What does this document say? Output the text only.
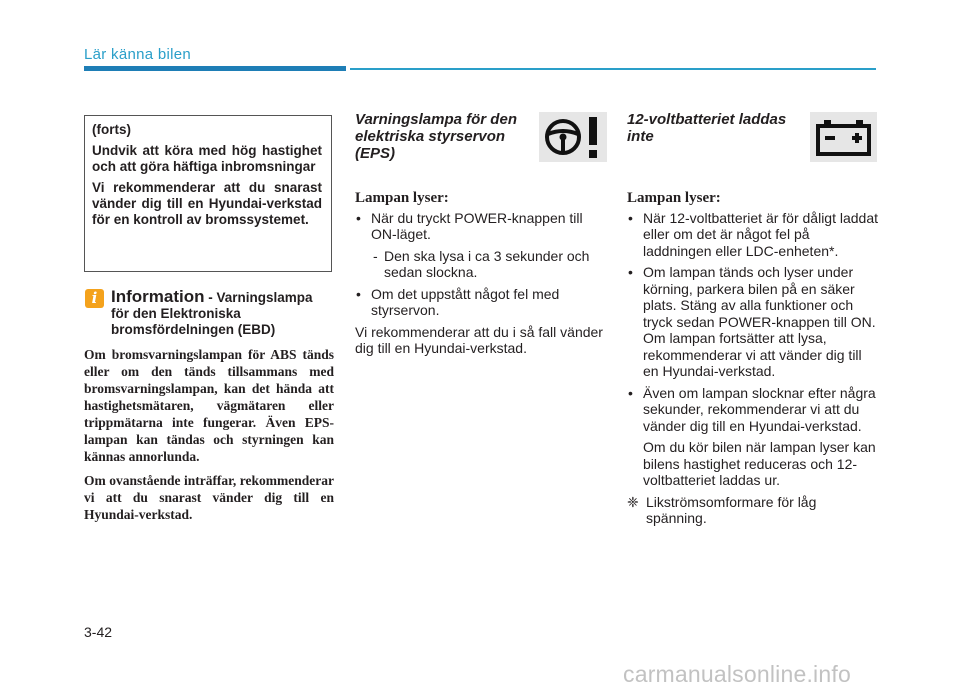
Lär känna bilen

(forts)

Undvik att köra med hög hastighet och att göra häftiga inbromsningar

Vi rekommenderar att du snarast vänder dig till en Hyundai-verkstad för en kontroll av bromssystemet.

i Information - Varningslampa för den Elektroniska bromsfördelningen (EBD)

Om bromsvarningslampan för ABS tänds eller om den tänds tillsammans med bromsvarningslampan, kan det hända att hastighetsmätaren, vägmätaren eller trippmätarna inte fungerar. Även EPS-lampan kan tändas och styrningen kan kännas annorlunda.

Om ovanstående inträffar, rekommenderar vi att du snarast vänder dig till en Hyundai-verkstad.

Varningslampa för den elektriska styrservon (EPS)
Lampan lyser:
• När du tryckt POWER-knappen till ON-läget.
- Den ska lysa i ca 3 sekunder och sedan slockna.
• Om det uppstått något fel med styrservon.
Vi rekommenderar att du i så fall vänder dig till en Hyundai-verkstad.
12-voltbatteriet laddas inte
Lampan lyser:
• När 12-voltbatteriet är för dåligt laddat eller om det är något fel på laddningen eller LDC-enheten*.
• Om lampan tänds och lyser under körning, parkera bilen på en säker plats. Stäng av alla funktioner och tryck sedan POWER-knappen till ON. Om lampan fortsätter att lysa, rekommenderar vi att vänder dig till en Hyundai-verkstad.
• Även om lampan slocknar efter några sekunder, rekommenderar vi att du vänder dig till en Hyundai-verkstad.
Om du kör bilen när lampan lyser kan bilens hastighet reduceras och 12-voltbatteriet laddas ur.
❈ Likströmsomformare för låg spänning.
3-42
carmanualsonline.info
